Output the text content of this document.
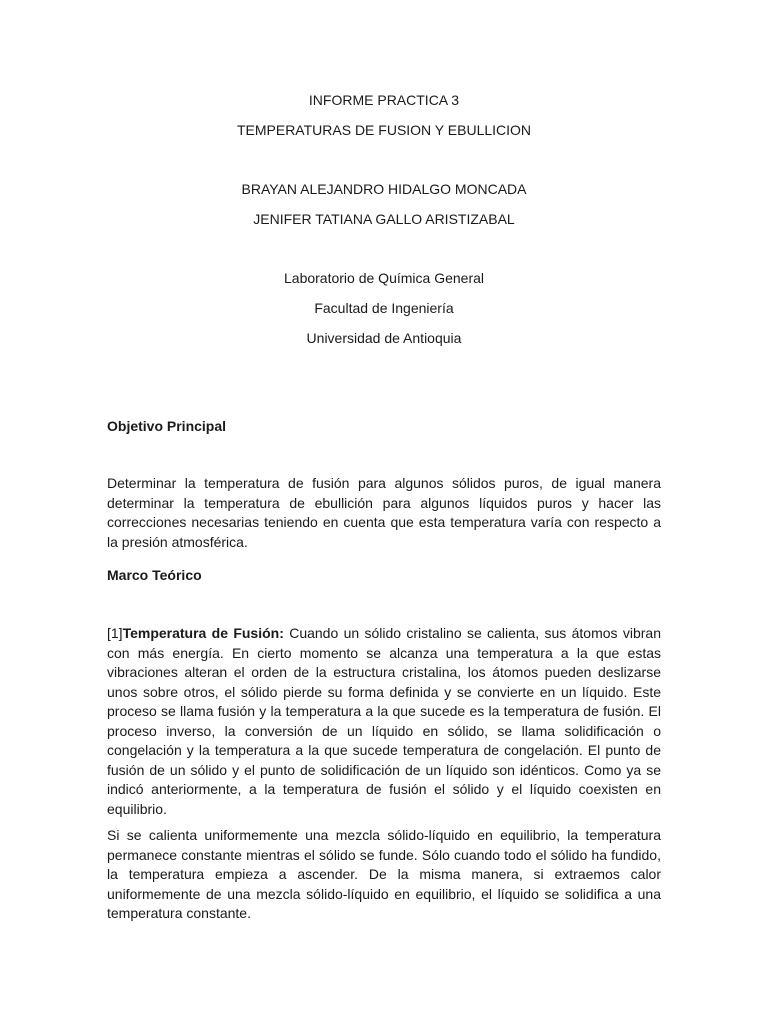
INFORME PRACTICA 3
TEMPERATURAS DE FUSION Y EBULLICION
BRAYAN ALEJANDRO HIDALGO MONCADA
JENIFER TATIANA GALLO ARISTIZABAL
Laboratorio de Química General
Facultad de Ingeniería
Universidad de Antioquia
Objetivo Principal
Determinar la temperatura de fusión para algunos sólidos puros, de igual manera determinar la temperatura de ebullición para algunos líquidos puros y hacer las correcciones necesarias teniendo en cuenta que esta temperatura varía con respecto a la presión atmosférica.
Marco Teórico
[1]Temperatura de Fusión: Cuando un sólido cristalino se calienta, sus átomos vibran con más energía. En cierto momento se alcanza una temperatura a la que estas vibraciones alteran el orden de la estructura cristalina, los átomos pueden deslizarse unos sobre otros, el sólido pierde su forma definida y se convierte en un líquido. Este proceso se llama fusión y la temperatura a la que sucede es la temperatura de fusión. El proceso inverso, la conversión de un líquido en sólido, se llama solidificación o congelación y la temperatura a la que sucede temperatura de congelación. El punto de fusión de un sólido y el punto de solidificación de un líquido son idénticos. Como ya se indicó anteriormente, a la temperatura de fusión el sólido y el líquido coexisten en equilibrio.
Si se calienta uniformemente una mezcla sólido-líquido en equilibrio, la temperatura permanece constante mientras el sólido se funde. Sólo cuando todo el sólido ha fundido, la temperatura empieza a ascender. De la misma manera, si extraemos calor uniformemente de una mezcla sólido-líquido en equilibrio, el líquido se solidifica a una temperatura constante.
